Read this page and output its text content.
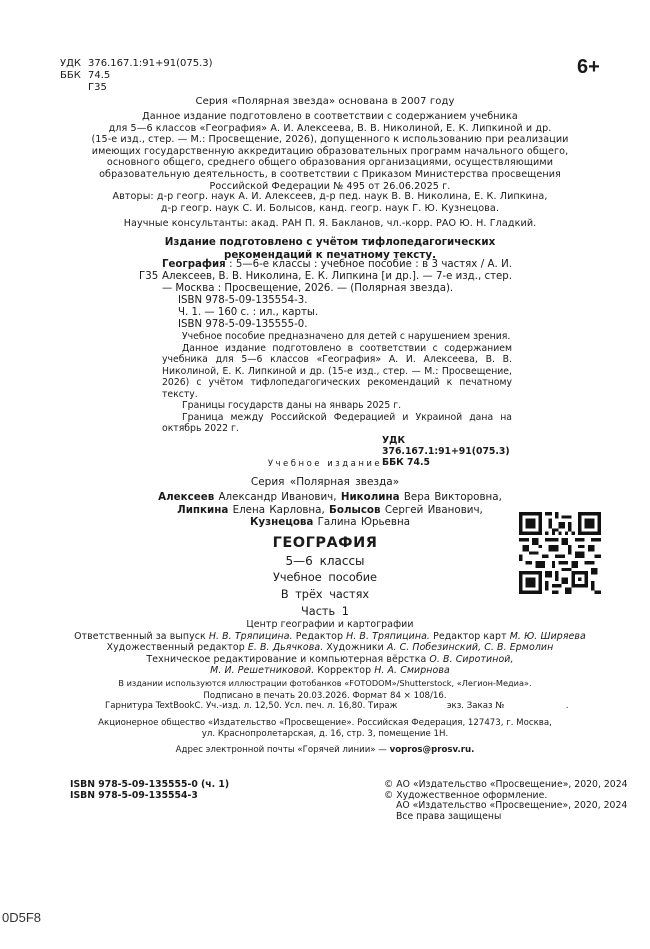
УДК 376.167.1:91+91(075.3)
ББК 74.5
Г35
6+
Серия «Полярная звезда» основана в 2007 году
Данное издание подготовлено в соответствии с содержанием учебника
для 5—6 классов «География» А. И. Алексеева, В. В. Николиной, Е. К. Липкиной и др.
(15-е изд., стер. — М.: Просвещение, 2026), допущенного к использованию при реализации
имеющих государственную аккредитацию образовательных программ начального общего,
основного общего, среднего общего образования организациями, осуществляющими
образовательную деятельность, в соответствии с Приказом Министерства просвещения
Российской Федерации № 495 от 26.06.2025 г.
Авторы: д-р геогр. наук А. И. Алексеев, д-р пед. наук В. В. Николина, Е. К. Липкина,
д-р геогр. наук С. И. Болысов, канд. геогр. наук Г. Ю. Кузнецова.
Научные консультанты: акад. РАН П. Я. Бакланов, чл.-корр. РАО Ю. Н. Гладкий.
Издание подготовлено с учётом тифлопедагогических
рекомендаций к печатному тексту.
Г35

География : 5—6-е классы : учебное пособие : в 3 частях / А. И. Алексеев, В. В. Николина, Е. К. Липкина [и др.]. — 7-е изд., стер. — Москва : Просвещение, 2026. — (Полярная звезда).

ISBN 978-5-09-135554-3.

Ч. 1. — 160 с. : ил., карты.

ISBN 978-5-09-135555-0.

Учебное пособие предназначено для детей с нарушением зрения.

Данное издание подготовлено в соответствии с содержанием учебника для 5—6 классов «География» А. И. Алексеева, В. В. Николиной, Е. К. Липкиной и др. (15-е изд., стер. — М.: Просвещение, 2026) с учётом тифлопедагогических рекомендаций к печатному тексту.

Границы государств даны на январь 2025 г.

Граница между Российской Федерацией и Украиной дана на октябрь 2022 г.

УДК 376.167.1:91+91(075.3)

ББК 74.5

Учебное издание
Серия «Полярная звезда»
Алексеев Александр Иванович, Николина Вера Викторовна,
Липкина Елена Карловна, Болысов Сергей Иванович,
Кузнецова Галина Юрьевна
ГЕОГРАФИЯ
5—6 классы
Учебное пособие
В трёх частях
Часть 1
Центр географии и картографии
Ответственный за выпуск Н. В. Тряпицина. Редактор Н. В. Тряпицина. Редактор карт М. Ю. Ширяева
Художественный редактор Е. В. Дьячкова. Художники А. С. Побезинский, С. В. Ермолин
Техническое редактирование и компьютерная вёрстка О. В. Сиротиной,
М. И. Решетниковой. Корректор Н. А. Смирнова
В издании используются иллюстрации фотобанков «FOTODOM»/Shutterstock, «Легион-Медиа».
Подписано в печать 20.03.2026. Формат 84 × 108/16.
Гарнитура TextBookC. Уч.-изд. л. 12,50. Усл. печ. л. 16,80. Тираж	экз. Заказ №	.
Акционерное общество «Издательство «Просвещение». Российская Федерация, 127473, г. Москва,
ул. Краснопролетарская, д. 16, стр. 3, помещение 1Н.
Адрес электронной почты «Горячей линии» — vopros@prosv.ru.
ISBN 978-5-09-135555-0 (ч. 1)
ISBN 978-5-09-135554-3
© АО «Издательство «Просвещение», 2020, 2024
© Художественное оформление.
АО «Издательство «Просвещение», 2020, 2024
Все права защищены
0D5F8
